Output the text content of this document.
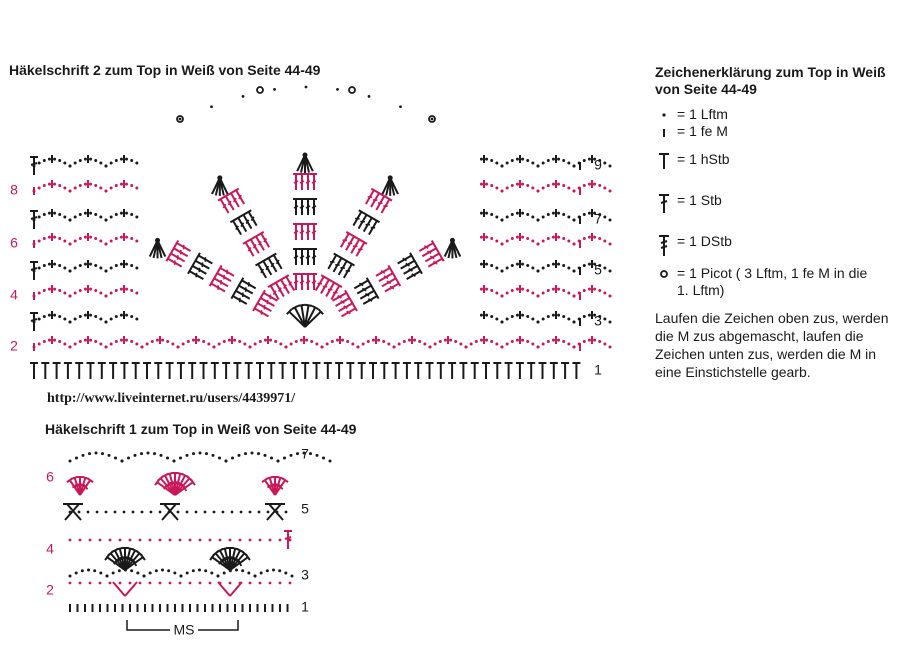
Häkelschrift 2 zum Top in Weiß von Seite 44-49
Häkelschrift 1 zum Top in Weiß von Seite 44-49
http://www.liveinternet.ru/users/4439971/
2
4
6
8
1
3
5
7
9
MS
2
4
6
1
3
5
7
Zeichenerklärung zum Top in Weiß von Seite 44-49
= 1 Lftm
= 1 fe M
= 1 hStb
= 1 Stb
= 1 DStb
= 1 Picot ( 3 Lftm, 1 fe M in die 1. Lftm)
Laufen die Zeichen oben zus, werden die M zus abgemascht, laufen die Zeichen unten zus, werden die M in eine Einstichstelle gearb.
